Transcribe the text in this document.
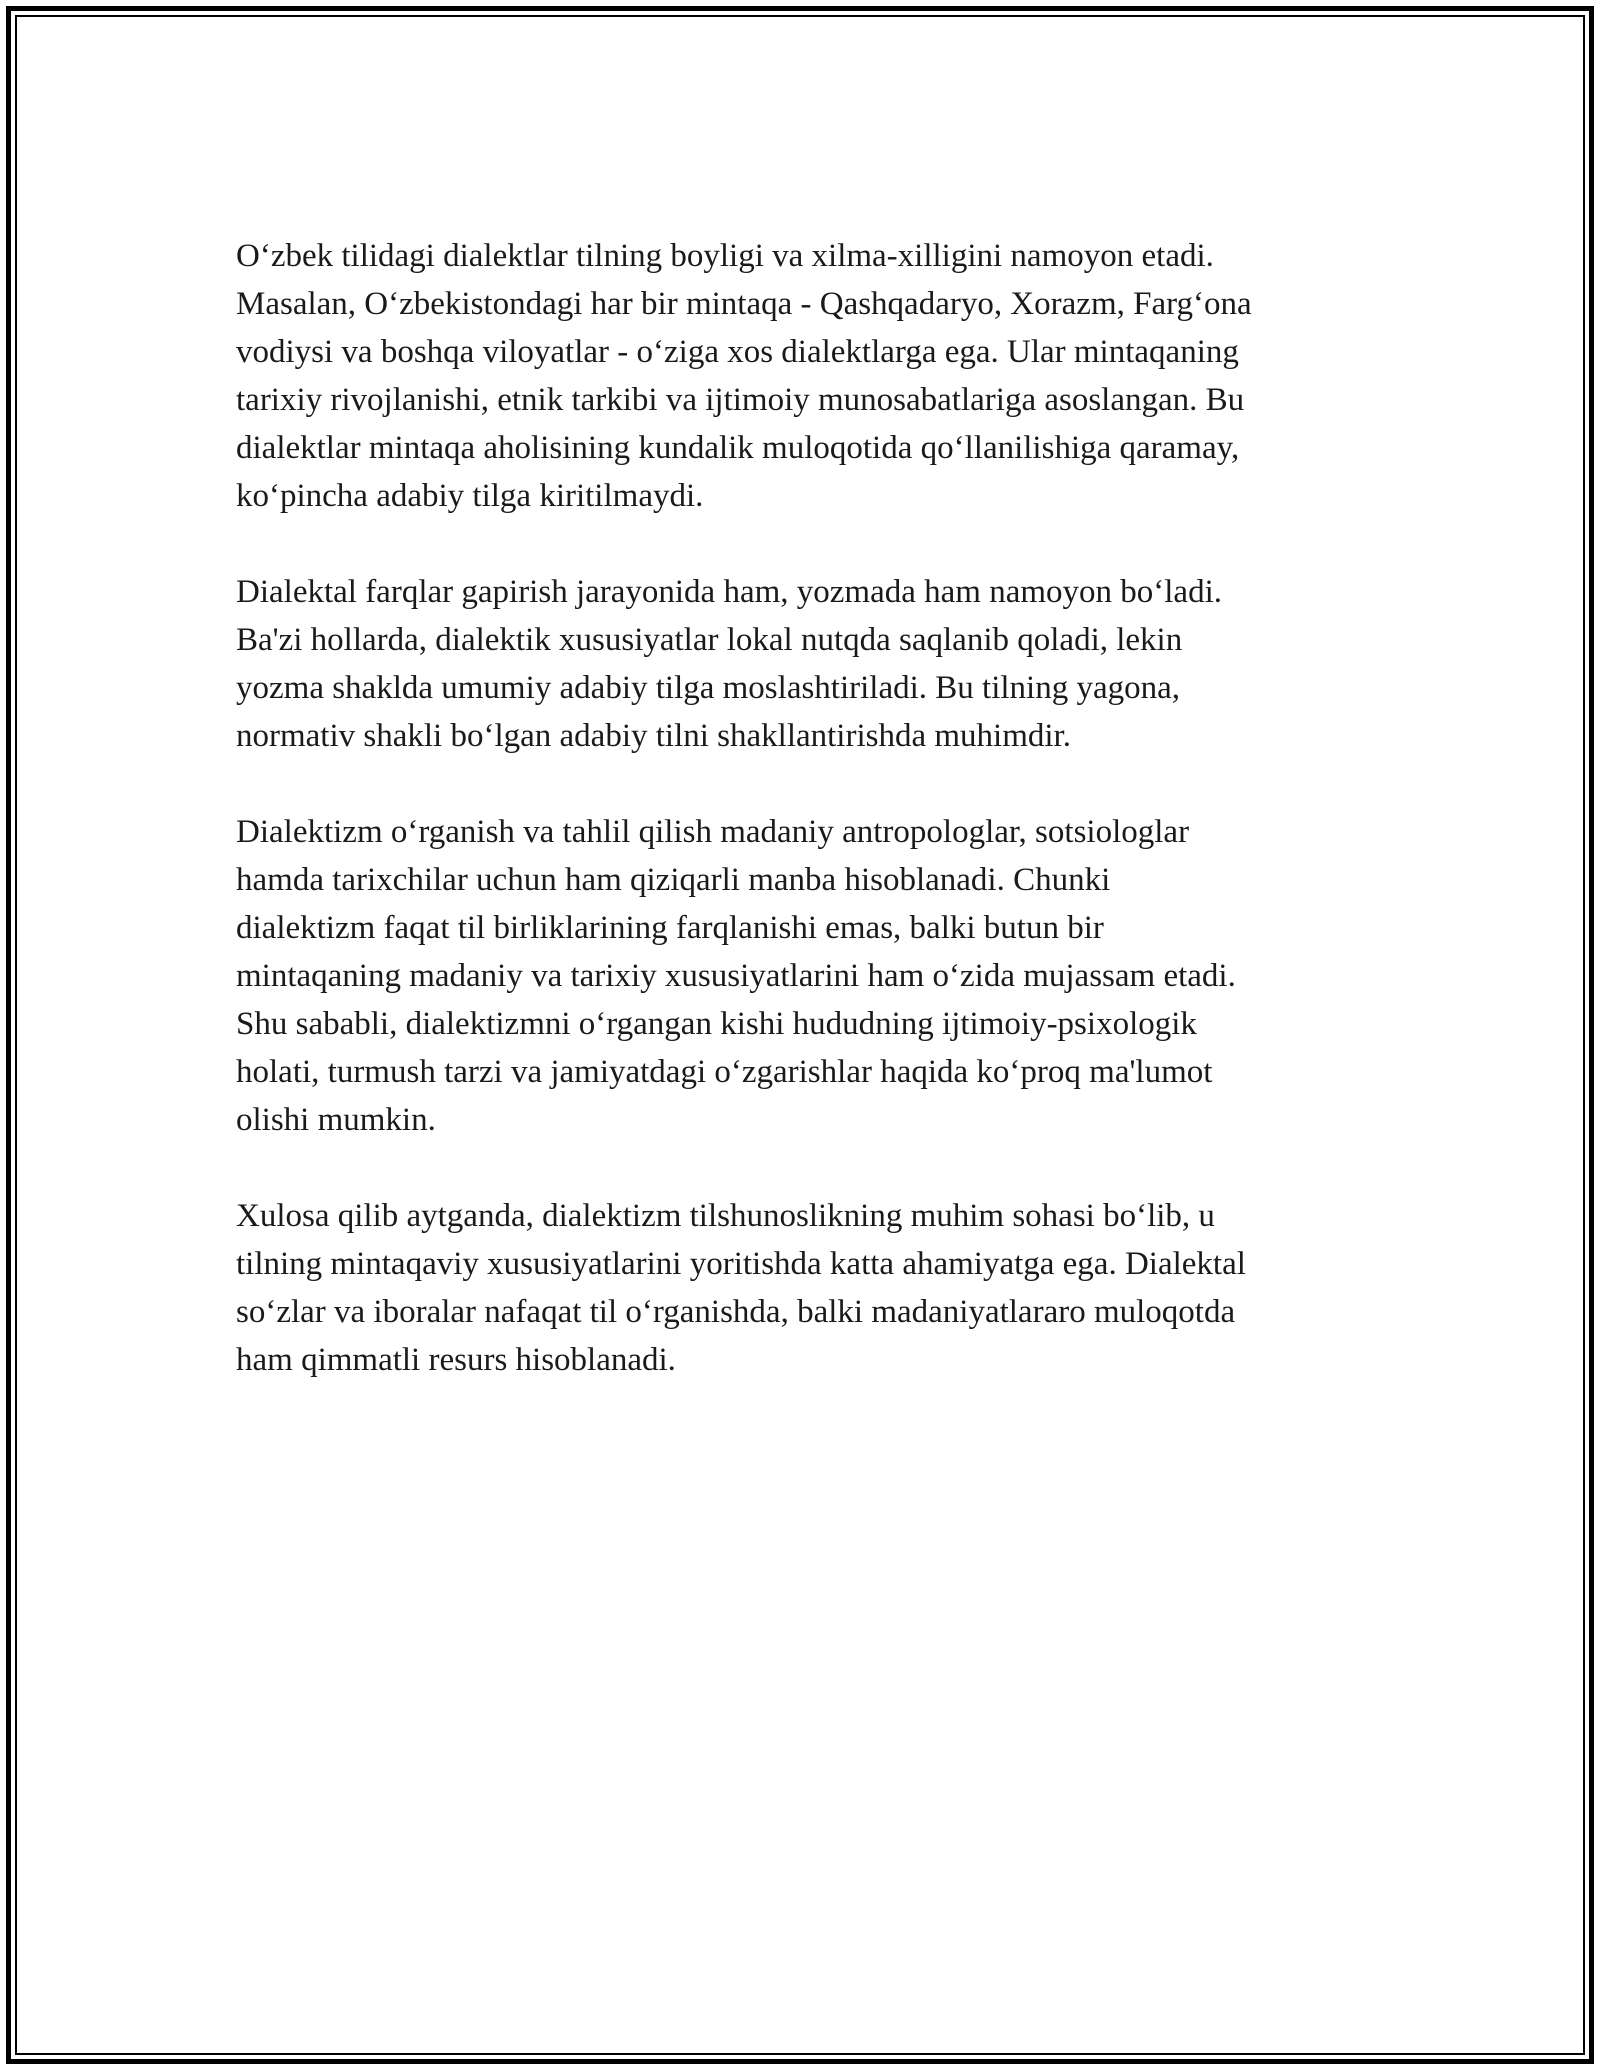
Oʻzbek tilidagi dialektlar tilning boyligi va xilma-xilligini namoyon etadi.
Masalan, Oʻzbekistondagi har bir mintaqa - Qashqadaryo, Xorazm, Fargʻona
vodiysi va boshqa viloyatlar - oʻziga xos dialektlarga ega. Ular mintaqaning
tarixiy rivojlanishi, etnik tarkibi va ijtimoiy munosabatlariga asoslangan. Bu
dialektlar mintaqa aholisining kundalik muloqotida qoʻllanilishiga qaramay,
koʻpincha adabiy tilga kiritilmaydi.

Dialektal farqlar gapirish jarayonida ham, yozmada ham namoyon boʻladi.
Ba'zi hollarda, dialektik xususiyatlar lokal nutqda saqlanib qoladi, lekin
yozma shaklda umumiy adabiy tilga moslashtiriladi. Bu tilning yagona,
normativ shakli boʻlgan adabiy tilni shakllantirishda muhimdir.

Dialektizm oʻrganish va tahlil qilish madaniy antropologlar, sotsiologlar
hamda tarixchilar uchun ham qiziqarli manba hisoblanadi. Chunki
dialektizm faqat til birliklarining farqlanishi emas, balki butun bir
mintaqaning madaniy va tarixiy xususiyatlarini ham oʻzida mujassam etadi.
Shu sababli, dialektizmni oʻrgangan kishi hududning ijtimoiy-psixologik
holati, turmush tarzi va jamiyatdagi oʻzgarishlar haqida koʻproq ma'lumot
olishi mumkin.

Xulosa qilib aytganda, dialektizm tilshunoslikning muhim sohasi boʻlib, u
tilning mintaqaviy xususiyatlarini yoritishda katta ahamiyatga ega. Dialektal
soʻzlar va iboralar nafaqat til oʻrganishda, balki madaniyatlararo muloqotda
ham qimmatli resurs hisoblanadi.
